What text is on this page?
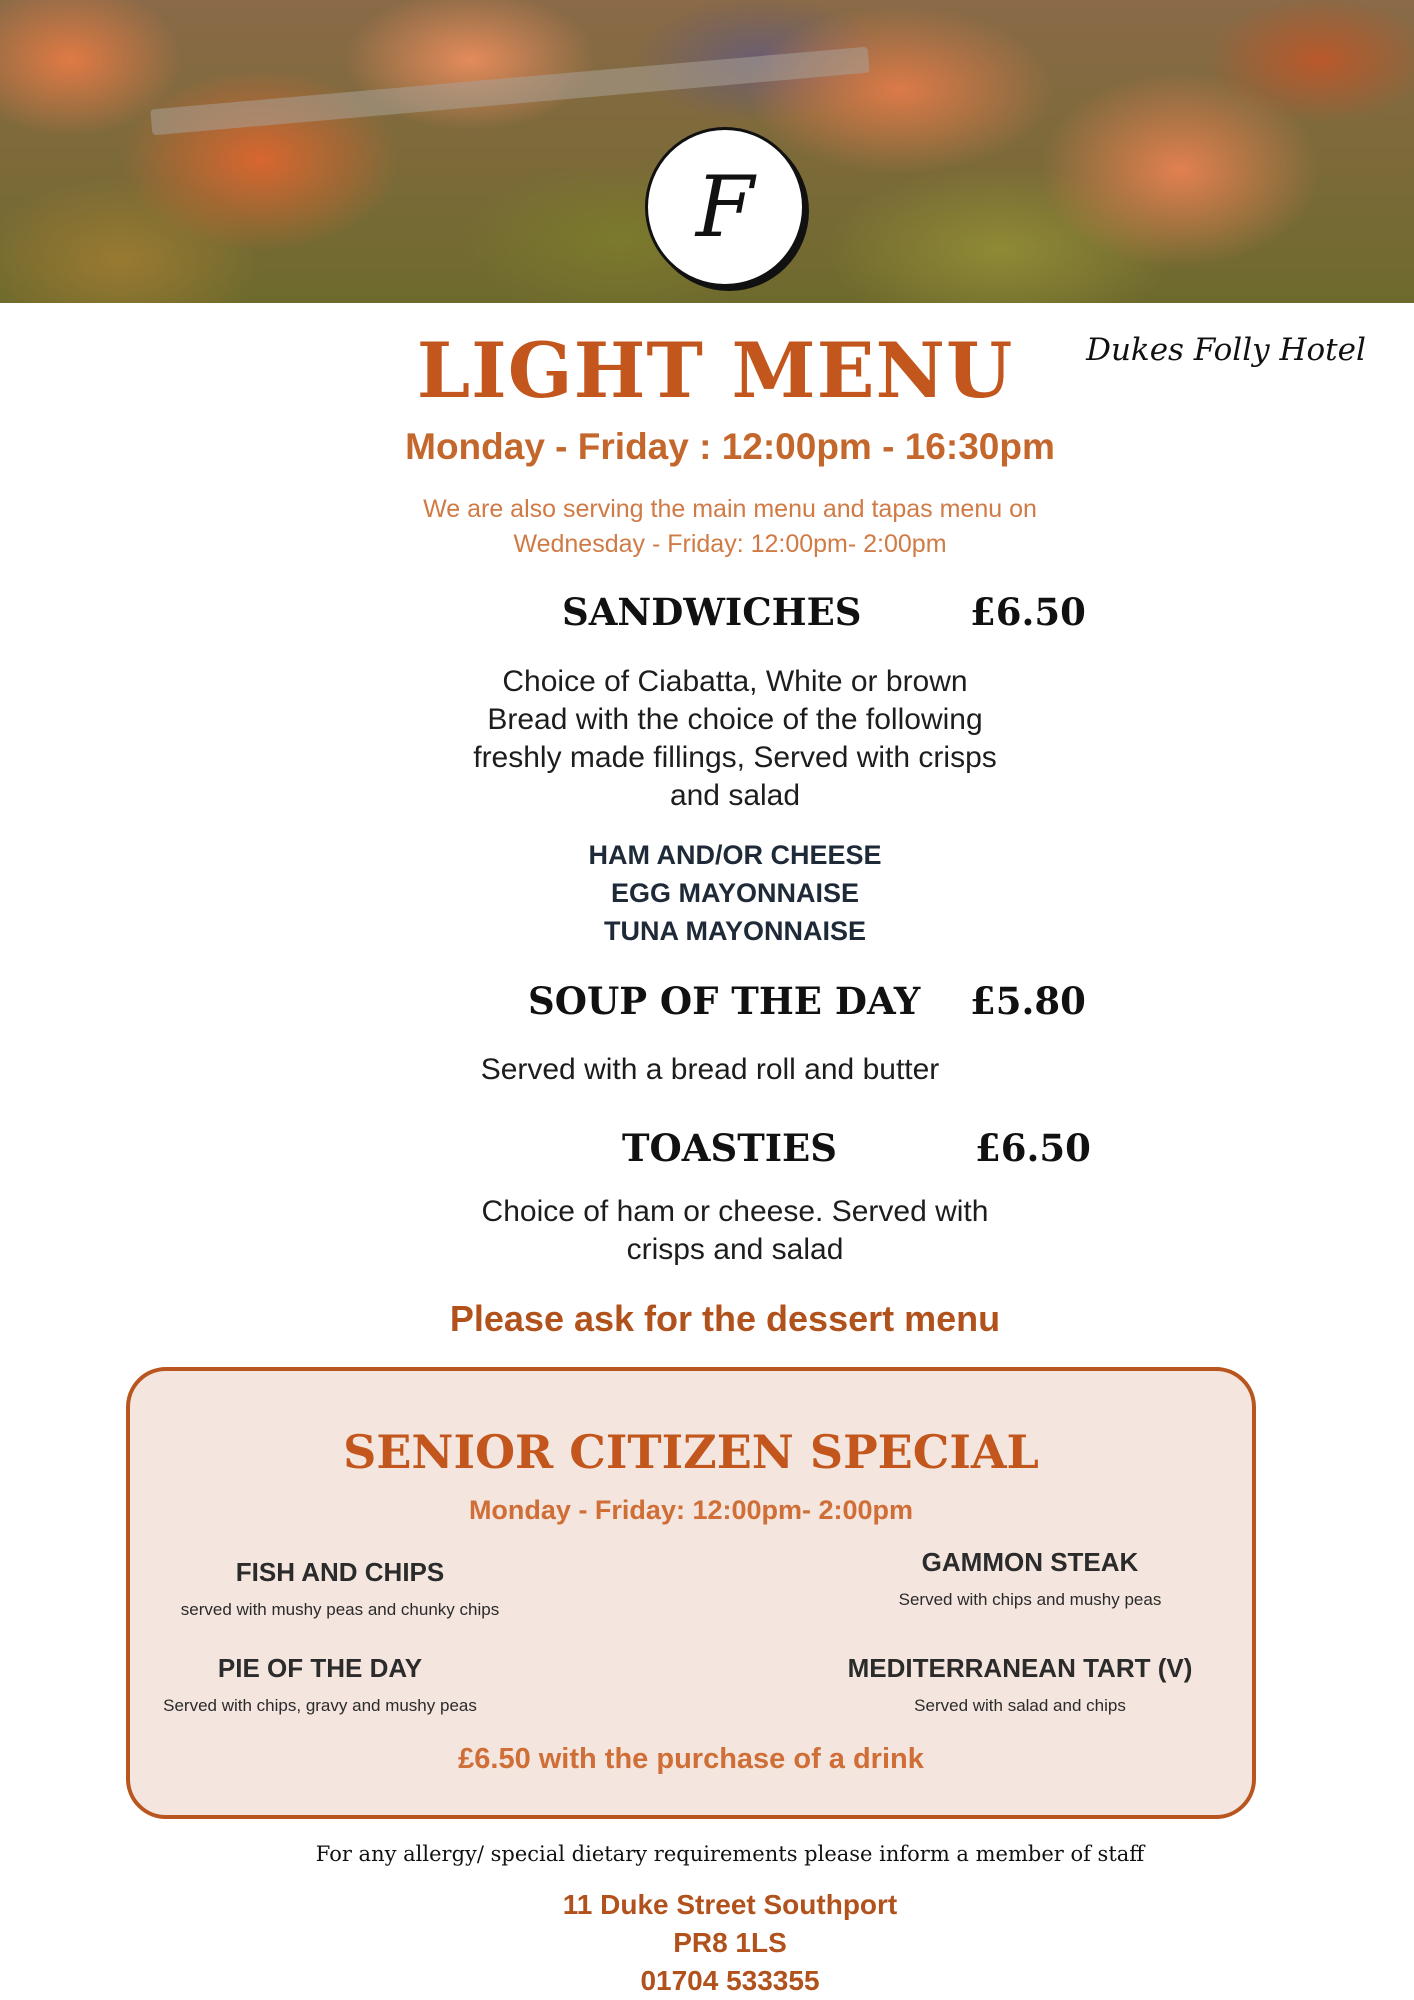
F
LIGHT MENU	Dukes Folly Hotel
Monday - Friday : 12:00pm - 16:30pm
We are also serving the main menu and tapas menu on
Wednesday - Friday: 12:00pm- 2:00pm
SANDWICHES	£6.50
Choice of Ciabatta, White or brown
Bread with the choice of the following
freshly made fillings, Served with crisps
and salad
HAM AND/OR CHEESE
EGG MAYONNAISE
TUNA MAYONNAISE
SOUP OF THE DAY £5.80
Served with a bread roll and butter
TOASTIES	£6.50
Choice of ham or cheese. Served with
crisps and salad
Please ask for the dessert menu
SENIOR CITIZEN SPECIAL
Monday - Friday: 12:00pm- 2:00pm
FISH AND CHIPS
served with mushy peas and chunky chips
GAMMON STEAK
Served with chips and mushy peas
PIE OF THE DAY
Served with chips, gravy and mushy peas
MEDITERRANEAN TART (V)
Served with salad and chips
£6.50 with the purchase of a drink
For any allergy/ special dietary requirements please inform a member of staff
11 Duke Street Southport
PR8 1LS
01704 533355
